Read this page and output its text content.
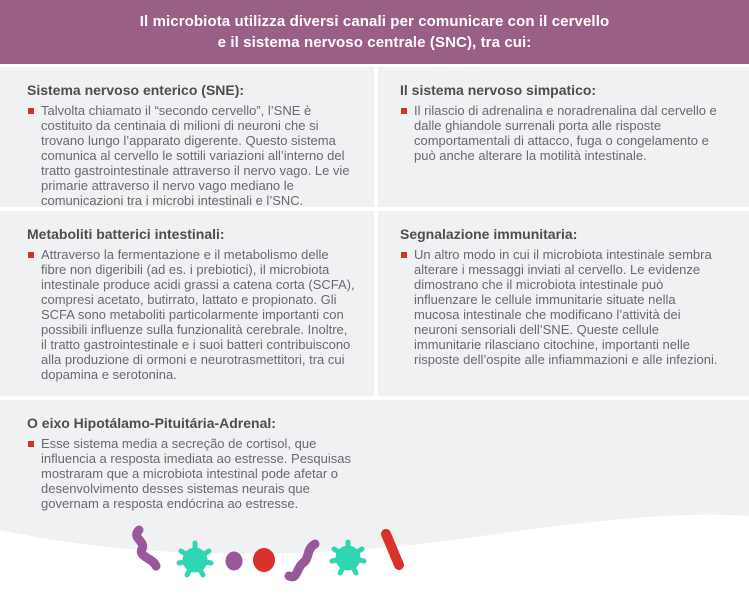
Il microbiota utilizza diversi canali per comunicare con il cervello
e il sistema nervoso centrale (SNC), tra cui:
Sistema nervoso enterico (SNE):

Talvolta chiamato il “secondo cervello”, l’SNE è costituito da centinaia di milioni di neuroni che si trovano lungo l’apparato digerente. Questo sistema comunica al cervello le sottili variazioni all’interno del tratto gastrointestinale attraverso il nervo vago. Le vie primarie attraverso il nervo vago mediano le comunicazioni tra i microbi intestinali e l’SNC.

Il sistema nervoso simpatico:

Il rilascio di adrenalina e noradrenalina dal cervello e dalle ghiandole surrenali porta alle risposte comportamentali di attacco, fuga o congelamento e può anche alterare la motilità intestinale.

Metaboliti batterici intestinali:

Attraverso la fermentazione e il metabolismo delle fibre non digeribili (ad es. i prebiotici), il microbiota intestinale produce acidi grassi a catena corta (SCFA), compresi acetato, butirrato, lattato e propionato. Gli SCFA sono metaboliti particolarmente importanti con possibili influenze sulla funzionalità cerebrale. Inoltre, il tratto gastrointestinale e i suoi batteri contribuiscono alla produzione di ormoni e neurotrasmettitori, tra cui dopamina e serotonina.

Segnalazione immunitaria:

Un altro modo in cui il microbiota intestinale sembra alterare i messaggi inviati al cervello. Le evidenze dimostrano che il microbiota intestinale può influenzare le cellule immunitarie situate nella mucosa intestinale che modificano l’attività dei neuroni sensoriali dell’SNE. Queste cellule immunitarie rilasciano citochine, importanti nelle risposte dell’ospite alle infiammazioni e alle infezioni.

O eixo Hipotálamo-Pituitária-Adrenal:

Esse sistema media a secreção de cortisol, que influencia a resposta imediata ao estresse. Pesquisas mostraram que a microbiota intestinal pode afetar o desenvolvimento desses sistemas neurais que governam a resposta endócrina ao estresse.
